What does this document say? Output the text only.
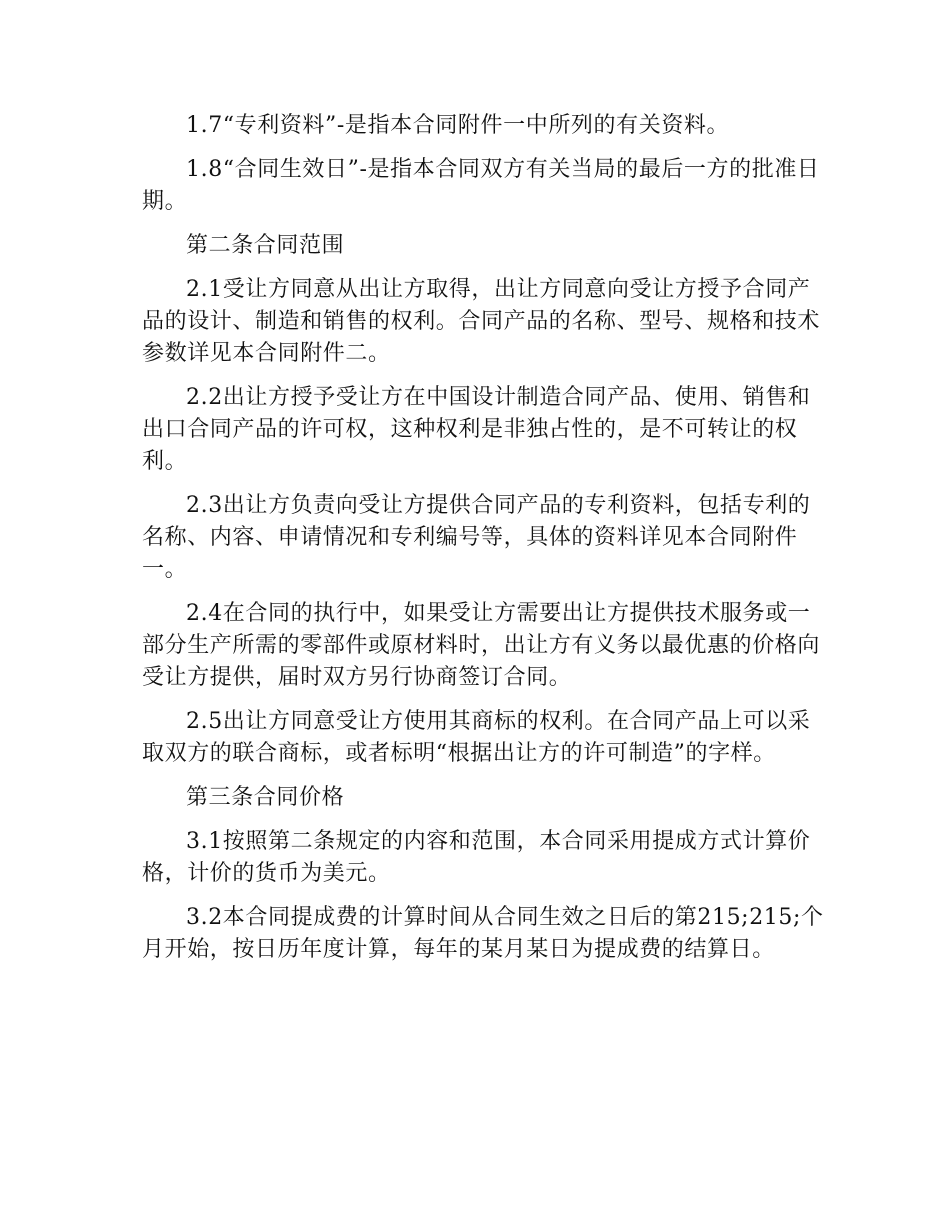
1.7“专利资料”-是指本合同附件一中所列的有关资料。

1.8“合同生效日”-是指本合同双方有关当局的最后一方的批准日期。

第二条合同范围

2.1受让方同意从出让方取得，出让方同意向受让方授予合同产品的设计、制造和销售的权利。合同产品的名称、型号、规格和技术参数详见本合同附件二。

2.2出让方授予受让方在中国设计制造合同产品、使用、销售和出口合同产品的许可权，这种权利是非独占性的，是不可转让的权利。

2.3出让方负责向受让方提供合同产品的专利资料，包括专利的名称、内容、申请情况和专利编号等，具体的资料详见本合同附件一。

2.4在合同的执行中，如果受让方需要出让方提供技术服务或一部分生产所需的零部件或原材料时，出让方有义务以最优惠的价格向受让方提供，届时双方另行协商签订合同。

2.5出让方同意受让方使用其商标的权利。在合同产品上可以采取双方的联合商标，或者标明“根据出让方的许可制造”的字样。

第三条合同价格

3.1按照第二条规定的内容和范围，本合同采用提成方式计算价格，计价的货币为美元。

3.2本合同提成费的计算时间从合同生效之日后的第215;215;个月开始，按日历年度计算，每年的某月某日为提成费的结算日。
